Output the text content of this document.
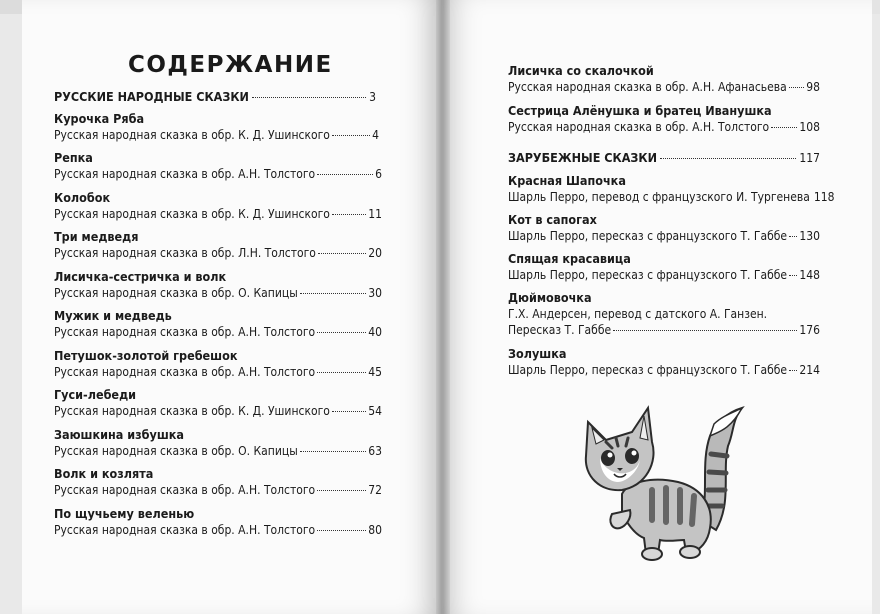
СОДЕРЖАНИЕ
РУССКИЕ НАРОДНЫЕ СКАЗКИ	3
Курочка Ряба
Русская народная сказка в обр. К. Д. Ушинского	4
Репка
Русская народная сказка в обр. А.Н. Толстого	6
Колобок
Русская народная сказка в обр. К. Д. Ушинского	11
Три медведя
Русская народная сказка в обр. Л.Н. Толстого	20
Лисичка-сестричка и волк
Русская народная сказка в обр. О. Капицы	30
Мужик и медведь
Русская народная сказка в обр. А.Н. Толстого	40
Петушок-золотой гребешок
Русская народная сказка в обр. А.Н. Толстого	45
Гуси-лебеди
Русская народная сказка в обр. К. Д. Ушинского	54
Заюшкина избушка
Русская народная сказка в обр. О. Капицы	63
Волк и козлята
Русская народная сказка в обр. А.Н. Толстого	72
По щучьему веленью
Русская народная сказка в обр. А.Н. Толстого	80
Лисичка со скалочкой
Русская народная сказка в обр. А.Н. Афанасьева 98
Сестрица Алёнушка и братец Иванушка
Русская народная сказка в обр. А.Н. Толстого	108
ЗАРУБЕЖНЫЕ СКАЗКИ	117
Красная Шапочка
Шарль Перро, перевод с французского И. Тургенева 118
Кот в сапогах
Шарль Перро, пересказ с французского Т. Габбе 130
Спящая красавица
Шарль Перро, пересказ с французского Т. Габбе 148
Дюймовочка
Г.Х. Андерсен, перевод с датского А. Ганзен.
Пересказ Т. Габбе	176
Золушка
Шарль Перро, пересказ с французского Т. Габбе 214
